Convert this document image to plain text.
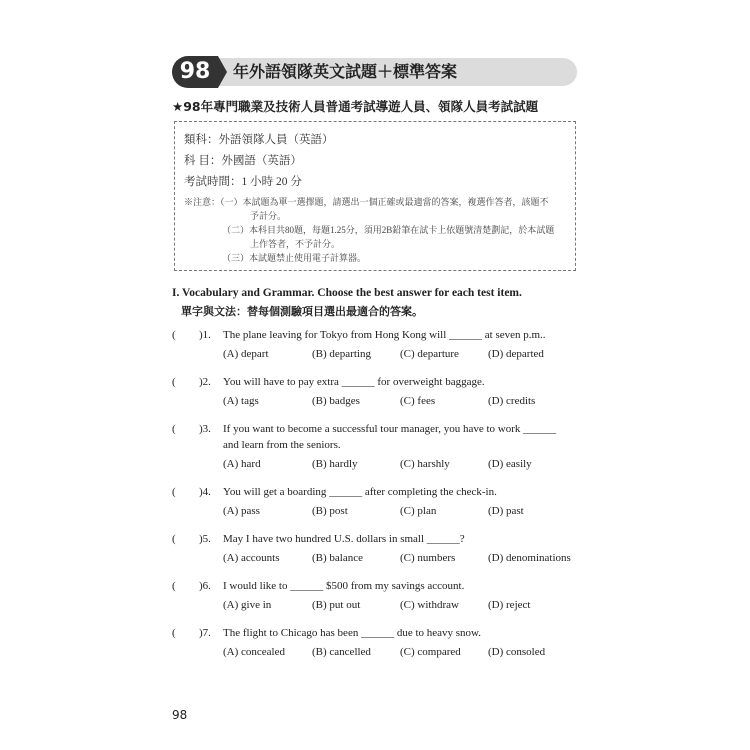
98	年外語領隊英文試題＋標準答案
★98年專門職業及技術人員普通考試導遊人員、領隊人員考試試題
類科：外語領隊人員（英語）
科 目：外國語（英語）
考試時間：1 小時 20 分
※注意：（一）本試題為單一選擇題，請選出一個正確或最適當的答案，複選作答者，該題不
予計分。
（二）本科目共80題，每題1.25分，須用2B鉛筆在試卡上依題號清楚劃記，於本試題
上作答者，不予計分。
（三）本試題禁止使用電子計算器。
I. Vocabulary and Grammar. Choose the best answer for each test item.
單字與文法：替每個測驗項目選出最適合的答案。
( )1. The plane leaving for Tokyo from Hong Kong will ______ at seven p.m..
(A) depart	(B) departing	(C) departure	(D) departed
( )2. You will have to pay extra ______ for overweight baggage.
(A) tags	(B) badges	(C) fees	(D) credits
( )3. If you want to become a successful tour manager, you have to work ______
and learn from the seniors.
(A) hard	(B) hardly	(C) harshly	(D) easily
( )4. You will get a boarding ______ after completing the check-in.
(A) pass	(B) post	(C) plan	(D) past
( )5. May I have two hundred U.S. dollars in small ______?
(A) accounts	(B) balance	(C) numbers	(D) denominations
( )6. I would like to ______ $500 from my savings account.
(A) give in	(B) put out	(C) withdraw	(D) reject
( )7. The flight to Chicago has been ______ due to heavy snow.
(A) concealed (B) cancelled	(C) compared (D) consoled
98
